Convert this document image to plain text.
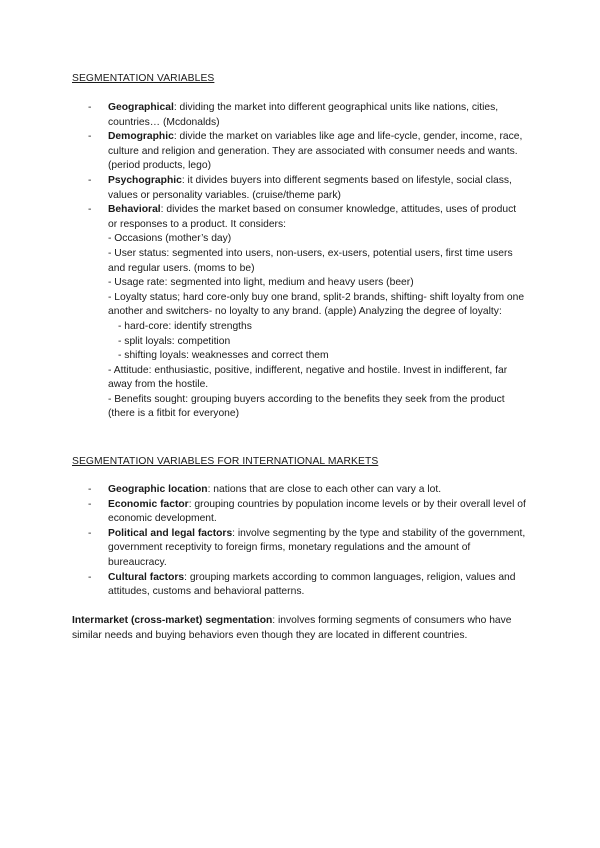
SEGMENTATION VARIABLES
- Geographical: dividing the market into different geographical units like nations, cities, countries… (Mcdonalds)
- Demographic: divide the market on variables like age and life-cycle, gender, income, race, culture and religion and generation. They are associated with consumer needs and wants. (period products, lego)
- Psychographic: it divides buyers into different segments based on lifestyle, social class, values or personality variables. (cruise/theme park)
- Behavioral: divides the market based on consumer knowledge, attitudes, uses of product or responses to a product. It considers:
- Occasions (mother’s day)
- User status: segmented into users, non-users, ex-users, potential users, first time users and regular users. (moms to be)
- Usage rate: segmented into light, medium and heavy users (beer)
- Loyalty status; hard core-only buy one brand, split-2 brands, shifting- shift loyalty from one another and switchers- no loyalty to any brand. (apple) Analyzing the degree of loyalty:
- hard-core: identify strengths
- split loyals: competition
- shifting loyals: weaknesses and correct them
- Attitude: enthusiastic, positive, indifferent, negative and hostile. Invest in indifferent, far away from the hostile.
- Benefits sought: grouping buyers according to the benefits they seek from the product (there is a fitbit for everyone)
SEGMENTATION VARIABLES FOR INTERNATIONAL MARKETS
- Geographic location: nations that are close to each other can vary a lot.
- Economic factor: grouping countries by population income levels or by their overall level of economic development.
- Political and legal factors: involve segmenting by the type and stability of the government, government receptivity to foreign firms, monetary regulations and the amount of bureaucracy.
- Cultural factors: grouping markets according to common languages, religion, values and attitudes, customs and behavioral patterns.

Intermarket (cross-market) segmentation: involves forming segments of consumers who have similar needs and buying behaviors even though they are located in different countries.
